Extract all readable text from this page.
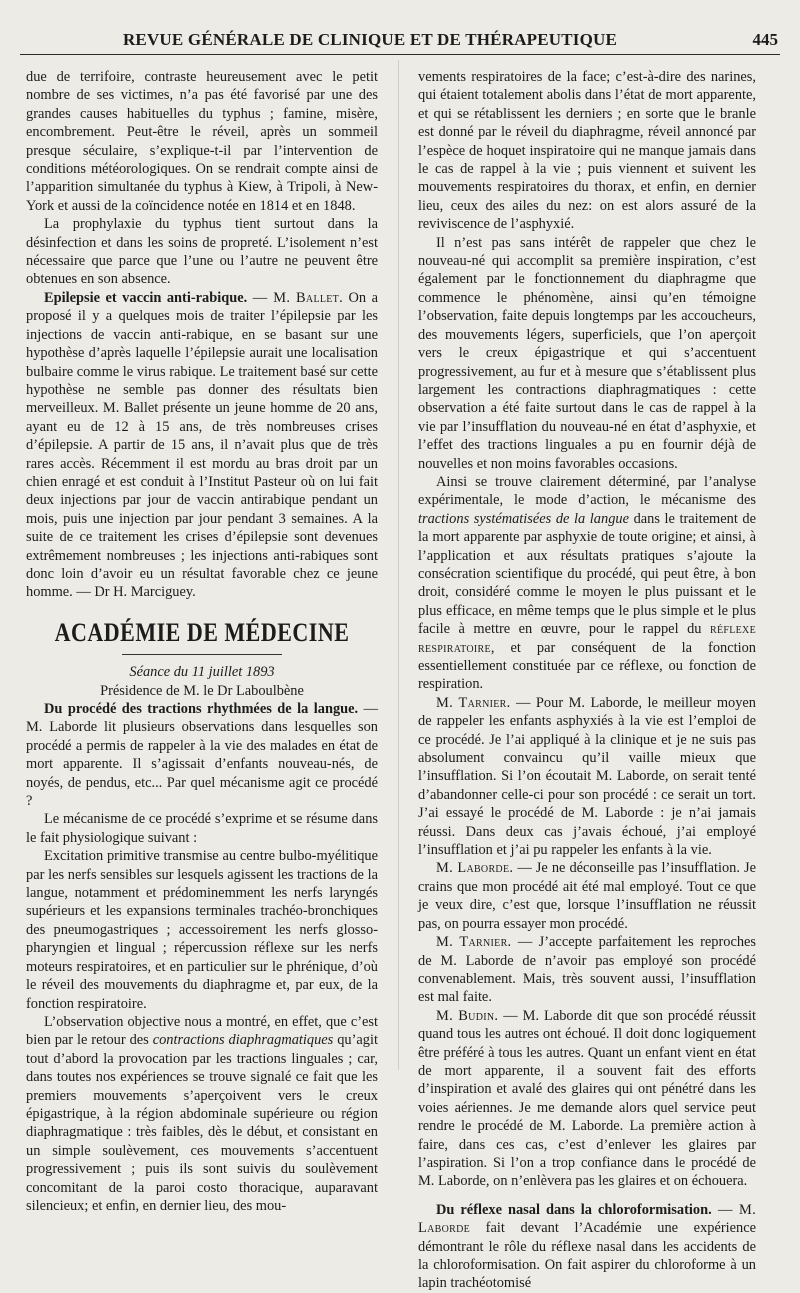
REVUE GÉNÉRALE DE CLINIQUE ET DE THÉRAPEUTIQUE	445

due de terrifoire, contraste heureusement avec le petit nombre de ses victimes, n’a pas été favorisé par une des grandes causes habituelles du typhus ; famine, misère, encombrement. Peut-être le réveil, après un sommeil presque séculaire, s’explique-t-il par l’intervention de conditions météorologiques. On se rendrait compte ainsi de l’apparition simultanée du typhus à Kiew, à Tripoli, à New-York et aussi de la coïncidence notée en 1814 et en 1848.

La prophylaxie du typhus tient surtout dans la désinfection et dans les soins de propreté. L’isolement n’est nécessaire que parce que l’une ou l’autre ne peuvent être obtenues en son absence.

Epilepsie et vaccin anti-rabique. — M. Ballet. On a proposé il y a quelques mois de traiter l’épilepsie par les injections de vaccin anti-rabique, en se basant sur une hypothèse d’après laquelle l’épilepsie aurait une localisation bulbaire comme le virus rabique. Le traitement basé sur cette hypothèse ne semble pas donner des résultats bien merveilleux. M. Ballet présente un jeune homme de 20 ans, ayant eu de 12 à 15 ans, de très nombreuses crises d’épilepsie. A partir de 15 ans, il n’avait plus que de très rares accès. Récemment il est mordu au bras droit par un chien enragé et est conduit à l’Institut Pasteur où on lui fait deux injections par jour de vaccin antirabique pendant un mois, puis une injection par jour pendant 3 semaines. A la suite de ce traitement les crises d’épilepsie sont devenues extrêmement nombreuses ; les injections anti-rabiques sont donc loin d’avoir eu un résultat favorable chez ce jeune homme. — Dr H. Marciguey.

ACADÉMIE DE MÉDECINE

Séance du 11 juillet 1893

Présidence de M. le Dr Laboulbène

Du procédé des tractions rhythmées de la langue. — M. Laborde lit plusieurs observations dans lesquelles son procédé a permis de rappeler à la vie des malades en état de mort apparente. Il s’agissait d’enfants nouveau-nés, de noyés, de pendus, etc... Par quel mécanisme agit ce procédé ?

Le mécanisme de ce procédé s’exprime et se résume dans le fait physiologique suivant :

Excitation primitive transmise au centre bulbo-myélitique par les nerfs sensibles sur lesquels agissent les tractions de la langue, notamment et prédominemment les nerfs laryngés supérieurs et les expansions terminales trachéo-bronchiques des pneumogastriques ; accessoirement les nerfs glosso-pharyngien et lingual ; répercussion réflexe sur les nerfs moteurs respiratoires, et en particulier sur le phrénique, d’où le réveil des mouvements du diaphragme et, par eux, de la fonction respiratoire.

L’observation objective nous a montré, en effet, que c’est bien par le retour des contractions diaphragmatiques qu’agit tout d’abord la provocation par les tractions linguales ; car, dans toutes nos expériences se trouve signalé ce fait que les premiers mouvements s’aperçoivent vers le creux épigastrique, à la région abdominale supérieure ou région diaphragmatique : très faibles, dès le début, et consistant en un simple soulèvement, ces mouvements s’accentuent progressivement ; puis ils sont suivis du soulèvement concomitant de la paroi costo thoracique, auparavant silencieux; et enfin, en dernier lieu, des mou-

vements respiratoires de la face; c’est-à-dire des narines, qui étaient totalement abolis dans l’état de mort apparente, et qui se rétablissent les derniers ; en sorte que le branle est donné par le réveil du diaphragme, réveil annoncé par l’espèce de hoquet inspiratoire qui ne manque jamais dans le cas de rappel à la vie ; puis viennent et suivent les mouvements respiratoires du thorax, et enfin, en dernier lieu, ceux des ailes du nez: on est alors assuré de la reviviscence de l’asphyxié.

Il n’est pas sans intérêt de rappeler que chez le nouveau-né qui accomplit sa première inspiration, c’est également par le fonctionnement du diaphragme que commence le phénomène, ainsi qu’en témoigne l’observation, faite depuis longtemps par les accoucheurs, des mouvements légers, superficiels, que l’on aperçoit vers le creux épigastrique et qui s’accentuent progressivement, au fur et à mesure que s’établissent plus largement les contractions diaphragmatiques : cette observation a été faite surtout dans le cas de rappel à la vie par l’insufflation du nouveau-né en état d’asphyxie, et l’effet des tractions linguales a pu en fournir déjà de nouvelles et non moins favorables occasions.

Ainsi se trouve clairement déterminé, par l’analyse expérimentale, le mode d’action, le mécanisme des tractions systématisées de la langue dans le traitement de la mort apparente par asphyxie de toute origine; et ainsi, à l’application et aux résultats pratiques s’ajoute la consécration scientifique du procédé, qui peut être, à bon droit, considéré comme le moyen le plus puissant et le plus efficace, en même temps que le plus simple et le plus facile à mettre en œuvre, pour le rappel du réflexe respiratoire, et par conséquent de la fonction essentiellement constituée par ce réflexe, ou fonction de respiration.

M. Tarnier. — Pour M. Laborde, le meilleur moyen de rappeler les enfants asphyxiés à la vie est l’emploi de ce procédé. Je l’ai appliqué à la clinique et je ne suis pas absolument convaincu qu’il vaille mieux que l’insufflation. Si l’on écoutait M. Laborde, on serait tenté d’abandonner celle-ci pour son procédé : ce serait un tort. J’ai essayé le procédé de M. Laborde : je n’ai jamais réussi. Dans deux cas j’avais échoué, j’ai employé l’insufflation et j’ai pu rappeler les enfants à la vie.

M. Laborde. — Je ne déconseille pas l’insufflation. Je crains que mon procédé ait été mal employé. Tout ce que je veux dire, c’est que, lorsque l’insufflation ne réussit pas, on pourra essayer mon procédé.

M. Tarnier. — J’accepte parfaitement les reproches de M. Laborde de n’avoir pas employé son procédé convenablement. Mais, très souvent aussi, l’insufflation est mal faite.

M. Budin. — M. Laborde dit que son procédé réussit quand tous les autres ont échoué. Il doit donc logiquement être préféré à tous les autres. Quant un enfant vient en état de mort apparente, il a souvent fait des efforts d’inspiration et avalé des glaires qui ont pénétré dans les voies aériennes. Je me demande alors quel service peut rendre le procédé de M. Laborde. La première action à faire, dans ces cas, c’est d’enlever les glaires par l’aspiration. Si l’on a trop confiance dans le procédé de M. Laborde, on n’enlèvera pas les glaires et on échouera.

Du réflexe nasal dans la chloroformisation. — M. Laborde fait devant l’Académie une expérience démontrant le rôle du réflexe nasal dans les accidents de la chloroformisation. On fait aspirer du chloroforme à un lapin trachéotomisé
